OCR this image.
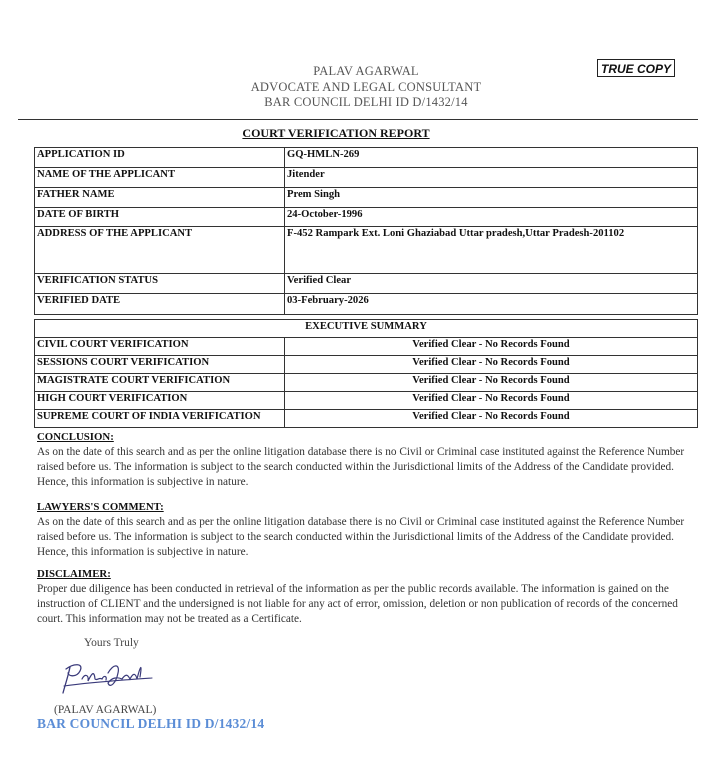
PALAV AGARWAL
ADVOCATE AND LEGAL CONSULTANT
BAR COUNCIL DELHI ID D/1432/14
TRUE COPY
COURT VERIFICATION REPORT
APPLICATION ID	GQ-HMLN-269
NAME OF THE APPLICANT	Jitender
FATHER NAME	Prem Singh
DATE OF BIRTH	24-October-1996
ADDRESS OF THE APPLICANT	F-452 Rampark Ext. Loni Ghaziabad Uttar pradesh,Uttar Pradesh-201102
VERIFICATION STATUS	Verified Clear
VERIFIED DATE	03-February-2026
EXECUTIVE SUMMARY	
CIVIL COURT VERIFICATION	Verified Clear - No Records Found
SESSIONS COURT VERIFICATION	Verified Clear - No Records Found
MAGISTRATE COURT VERIFICATION	Verified Clear - No Records Found
HIGH COURT VERIFICATION	Verified Clear - No Records Found
SUPREME COURT OF INDIA VERIFICATION	Verified Clear - No Records Found
CONCLUSION:
As on the date of this search and as per the online litigation database there is no Civil or Criminal case instituted against the Reference Number raised before us. The information is subject to the search conducted within the Jurisdictional limits of the Address of the Candidate provided. Hence, this information is subjective in nature.
LAWYERS'S COMMENT:
As on the date of this search and as per the online litigation database there is no Civil or Criminal case instituted against the Reference Number raised before us. The information is subject to the search conducted within the Jurisdictional limits of the Address of the Candidate provided. Hence, this information is subjective in nature.
DISCLAIMER:
Proper due diligence has been conducted in retrieval of the information as per the public records available. The information is gained on the instruction of CLIENT and the undersigned is not liable for any act of error, omission, deletion or non publication of records of the concerned court. This information may not be treated as a Certificate.
Yours Truly
(PALAV AGARWAL)
BAR COUNCIL DELHI ID D/1432/14
